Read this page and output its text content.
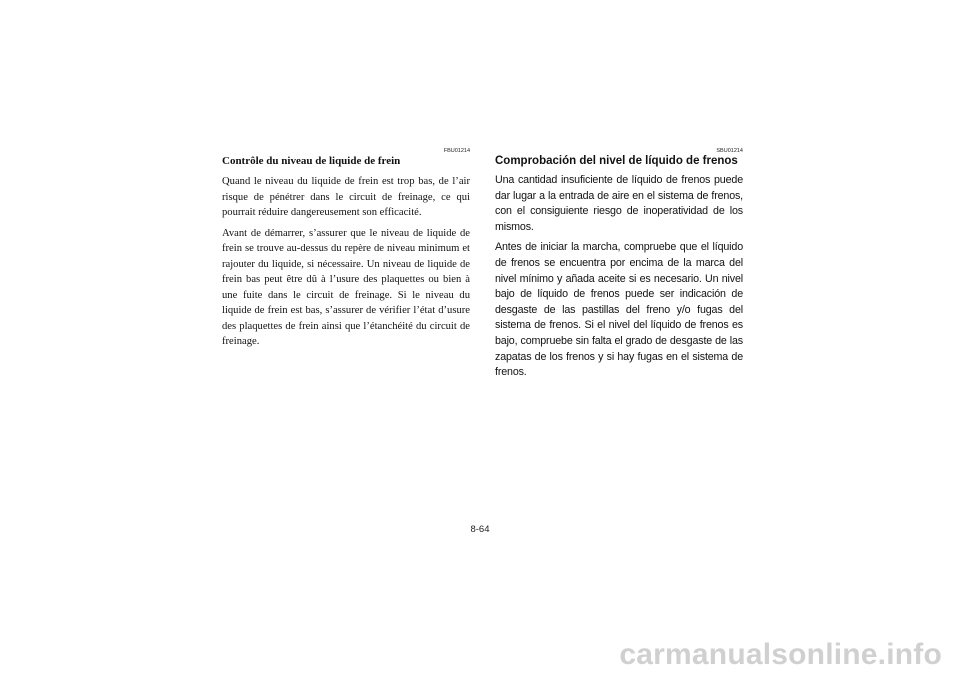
FBU01214
Contrôle du niveau de liquide de frein

Quand le niveau du liquide de frein est trop bas, de l’air risque de pénétrer dans le circuit de freinage, ce qui pourrait réduire dangereusement son efficacité.

Avant de démarrer, s’assurer que le niveau de liquide de frein se trouve au-dessus du repère de niveau minimum et rajouter du liquide, si nécessaire. Un niveau de liquide de frein bas peut être dû à l’usure des plaquettes ou bien à une fuite dans le circuit de freinage. Si le niveau du liquide de frein est bas, s’assurer de vérifier l’état d’usure des plaquettes de frein ainsi que l’étanchéité du circuit de freinage.

SBU01214
Comprobación del nivel de líquido de frenos

Una cantidad insuficiente de líquido de frenos puede dar lugar a la entrada de aire en el sistema de frenos, con el consiguiente riesgo de inoperatividad de los mismos.

Antes de iniciar la marcha, compruebe que el líquido de frenos se encuentra por encima de la marca del nivel mínimo y añada aceite si es necesario. Un nivel bajo de líquido de frenos puede ser indicación de desgaste de las pastillas del freno y/o fugas del sistema de frenos. Si el nivel del líquido de frenos es bajo, compruebe sin falta el grado de desgaste de las zapatas de los frenos y si hay fugas en el sistema de frenos.

8-64
carmanualsonline.info
